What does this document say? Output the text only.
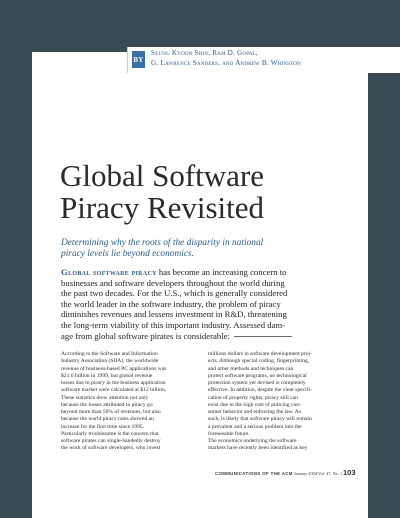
BY
Seung Kyoon Shin, Ram D. Gopal,
G. Lawrence Sanders, and Andrew B. Whinston
Global Software
Piracy Revisited
Determining why the roots of the disparity in national
piracy levels lie beyond economics.
Global software piracy has become an increasing concern to
businesses and software developers throughout the world during
the past two decades. For the U.S., which is generally considered
the world leader in the software industry, the problem of piracy
diminishes revenues and lessens investment in R&D, threatening
the long-term viability of this important industry. Assessed dam-
age from global software pirates is considerable:
According to the Software and Information
Industry Association (SIIA), the worldwide
revenue of business-based PC applications was
$21.6 billion in 1999, but global revenue
losses due to piracy in the business application
software market were calculated at $12 billion.
These statistics drew attention not only
because the losses attributed to piracy go
beyond more than 50% of revenues, but also
because the world piracy rates showed an
increase for the first time since 1995.
Particularly troublesome is the concern that
software pirates can single-handedly destroy
the work of software developers, who invest
millions dollars in software development proj-
ects. Although special coding, fingerprinting,
and other methods and techniques can
protect software programs, no technological
protection system yet devised is completely
effective. In addition, despite the clear specifi-
cation of property rights, piracy still can
exist due to the high cost of policing con-
sumer behavior and enforcing the law. As
such, is likely that software piracy will remain
a prevalent and a serious problem into the
foreseeable future.
The economics underlying the software
markets have recently been identified as key
COMMUNICATIONS OF THE ACM January 2004/Vol. 47, No. 1 103
